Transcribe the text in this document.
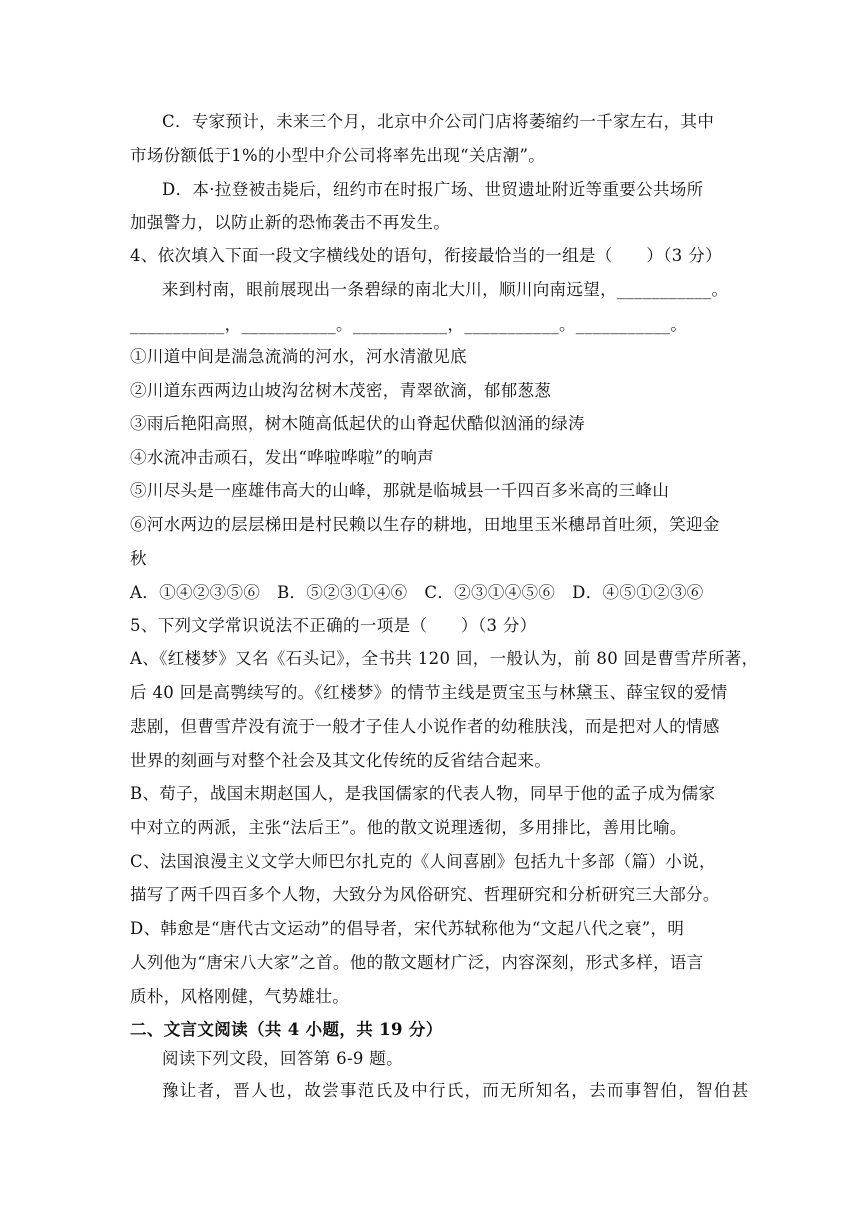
C．专家预计，未来三个月，北京中介公司门店将萎缩约一千家左右，其中
市场份额低于1%的小型中介公司将率先出现“关店潮”。
D．本·拉登被击毙后，纽约市在时报广场、世贸遗址附近等重要公共场所
加强警力，以防止新的恐怖袭击不再发生。
4、依次填入下面一段文字横线处的语句，衔接最恰当的一组是（　　）（3 分）
来到村南，眼前展现出一条碧绿的南北大川，顺川向南远望，___________。
___________，___________。___________，___________。___________。
①川道中间是湍急流淌的河水，河水清澈见底
②川道东西两边山坡沟岔树木茂密，青翠欲滴，郁郁葱葱
③雨后艳阳高照，树木随高低起伏的山脊起伏酷似汹涌的绿涛
④水流冲击顽石，发出“哗啦哗啦”的响声
⑤川尽头是一座雄伟高大的山峰，那就是临城县一千四百多米高的三峰山
⑥河水两边的层层梯田是村民赖以生存的耕地，田地里玉米穗昂首吐须，笑迎金
秋
A．①④②③⑤⑥　B．⑤②③①④⑥　C．②③①④⑤⑥　D．④⑤①②③⑥
5、下列文学常识说法不正确的一项是（　　）（3 分）
A、《红楼梦》又名《石头记》，全书共 120 回，一般认为，前 80 回是曹雪芹所著，
后 40 回是高鹗续写的。《红楼梦》的情节主线是贾宝玉与林黛玉、薛宝钗的爱情
悲剧，但曹雪芹没有流于一般才子佳人小说作者的幼稚肤浅，而是把对人的情感
世界的刻画与对整个社会及其文化传统的反省结合起来。
B、荀子，战国末期赵国人，是我国儒家的代表人物，同早于他的孟子成为儒家
中对立的两派，主张“法后王”。他的散文说理透彻，多用排比，善用比喻。
C、法国浪漫主义文学大师巴尔扎克的《人间喜剧》包括九十多部（篇）小说，
描写了两千四百多个人物，大致分为风俗研究、哲理研究和分析研究三大部分。
D、韩愈是“唐代古文运动”的倡导者，宋代苏轼称他为“文起八代之衰”，明
人列他为“唐宋八大家”之首。他的散文题材广泛，内容深刻，形式多样，语言
质朴，风格刚健，气势雄壮。
二、文言文阅读（共 4 小题，共 19 分）
阅读下列文段，回答第 6-9 题。
豫让者，晋人也，故尝事范氏及中行氏，而无所知名，去而事智伯，智伯甚
